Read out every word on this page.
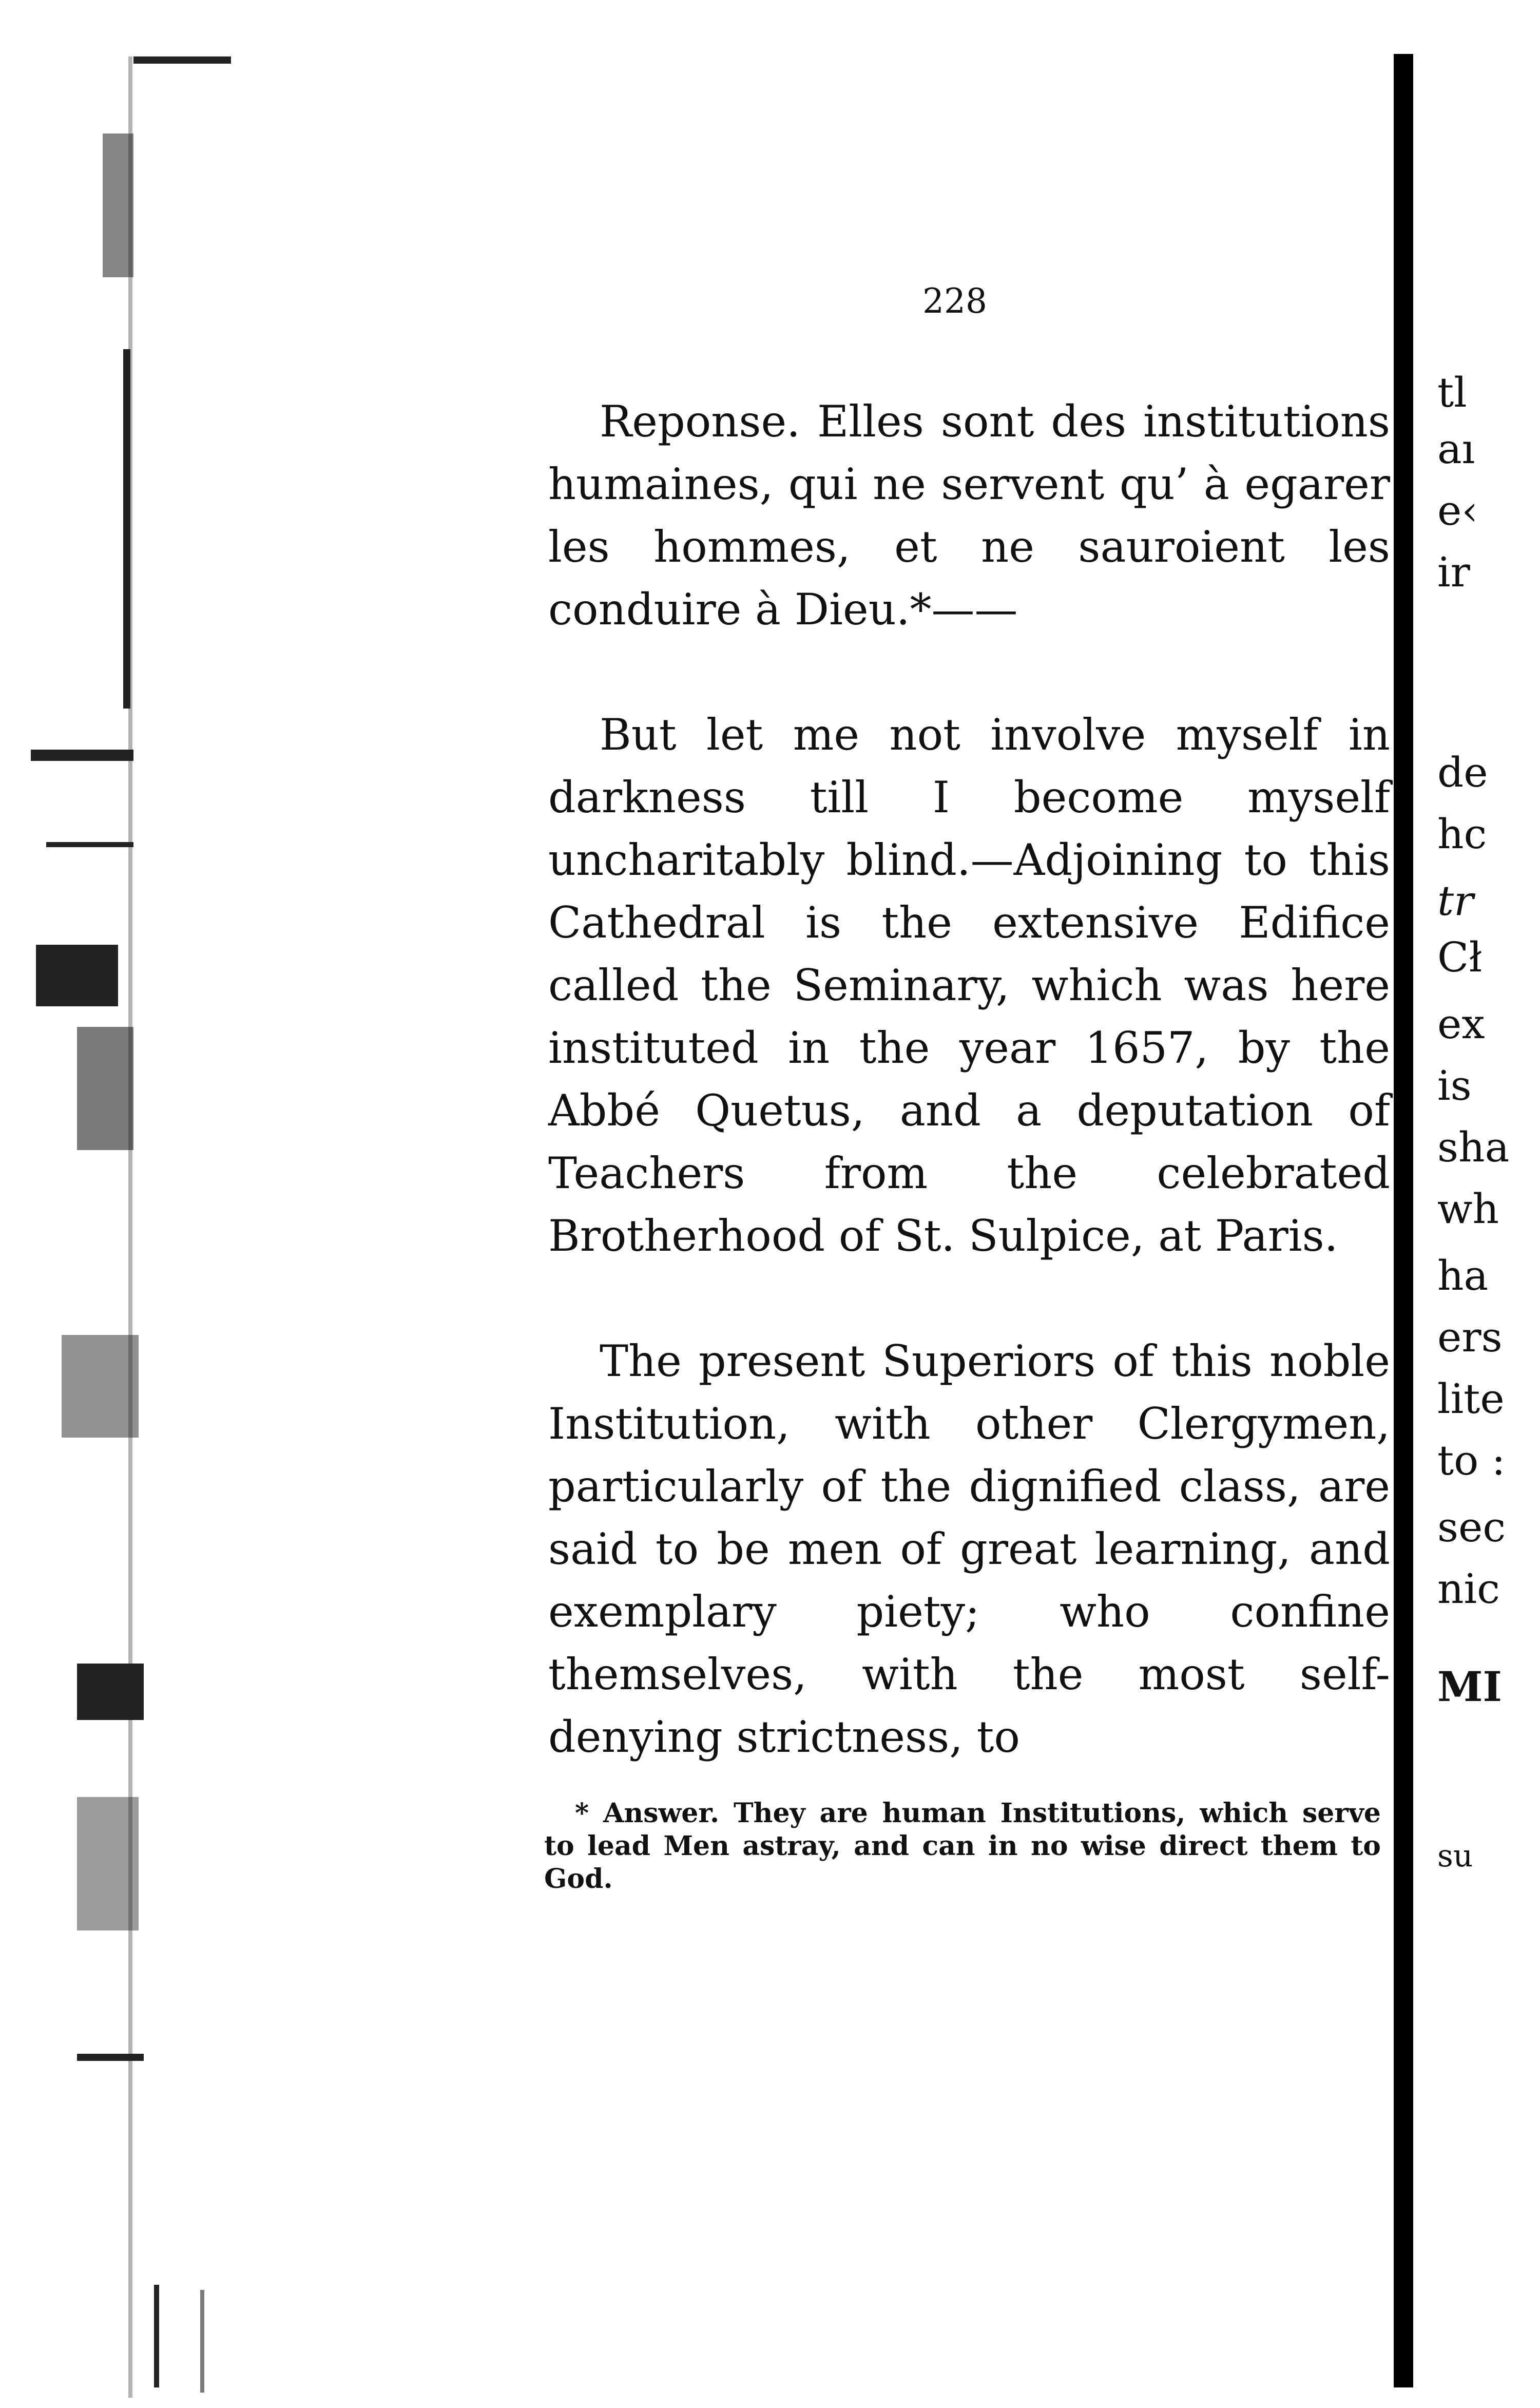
228

Reponse. Elles sont des institutions humaines, qui ne servent qu’ à egarer les hommes, et ne sauroient les conduire à Dieu.*——

But let me not involve myself in darkness till I become myself uncharitably blind.—Adjoining to this Cathedral is the extensive Edifice called the Seminary, which was here instituted in the year 1657, by the Abbé Quetus, and a deputation of Teachers from the celebrated Brotherhood of St. Sulpice, at Paris.

The present Superiors of this noble Institution, with other Clergymen, particularly of the dignified class, are said to be men of great learning, and exemplary piety; who confine themselves, with the most self-denying strictness, to

* Answer. They are human Institutions, which serve to lead Men astray, and can in no wise direct them to God.

tl
aı
e‹
ir
de
hc
tr
Cł
ex
is
sha
wh
ha
ers
lite
to :
sec
nic
MI
su
